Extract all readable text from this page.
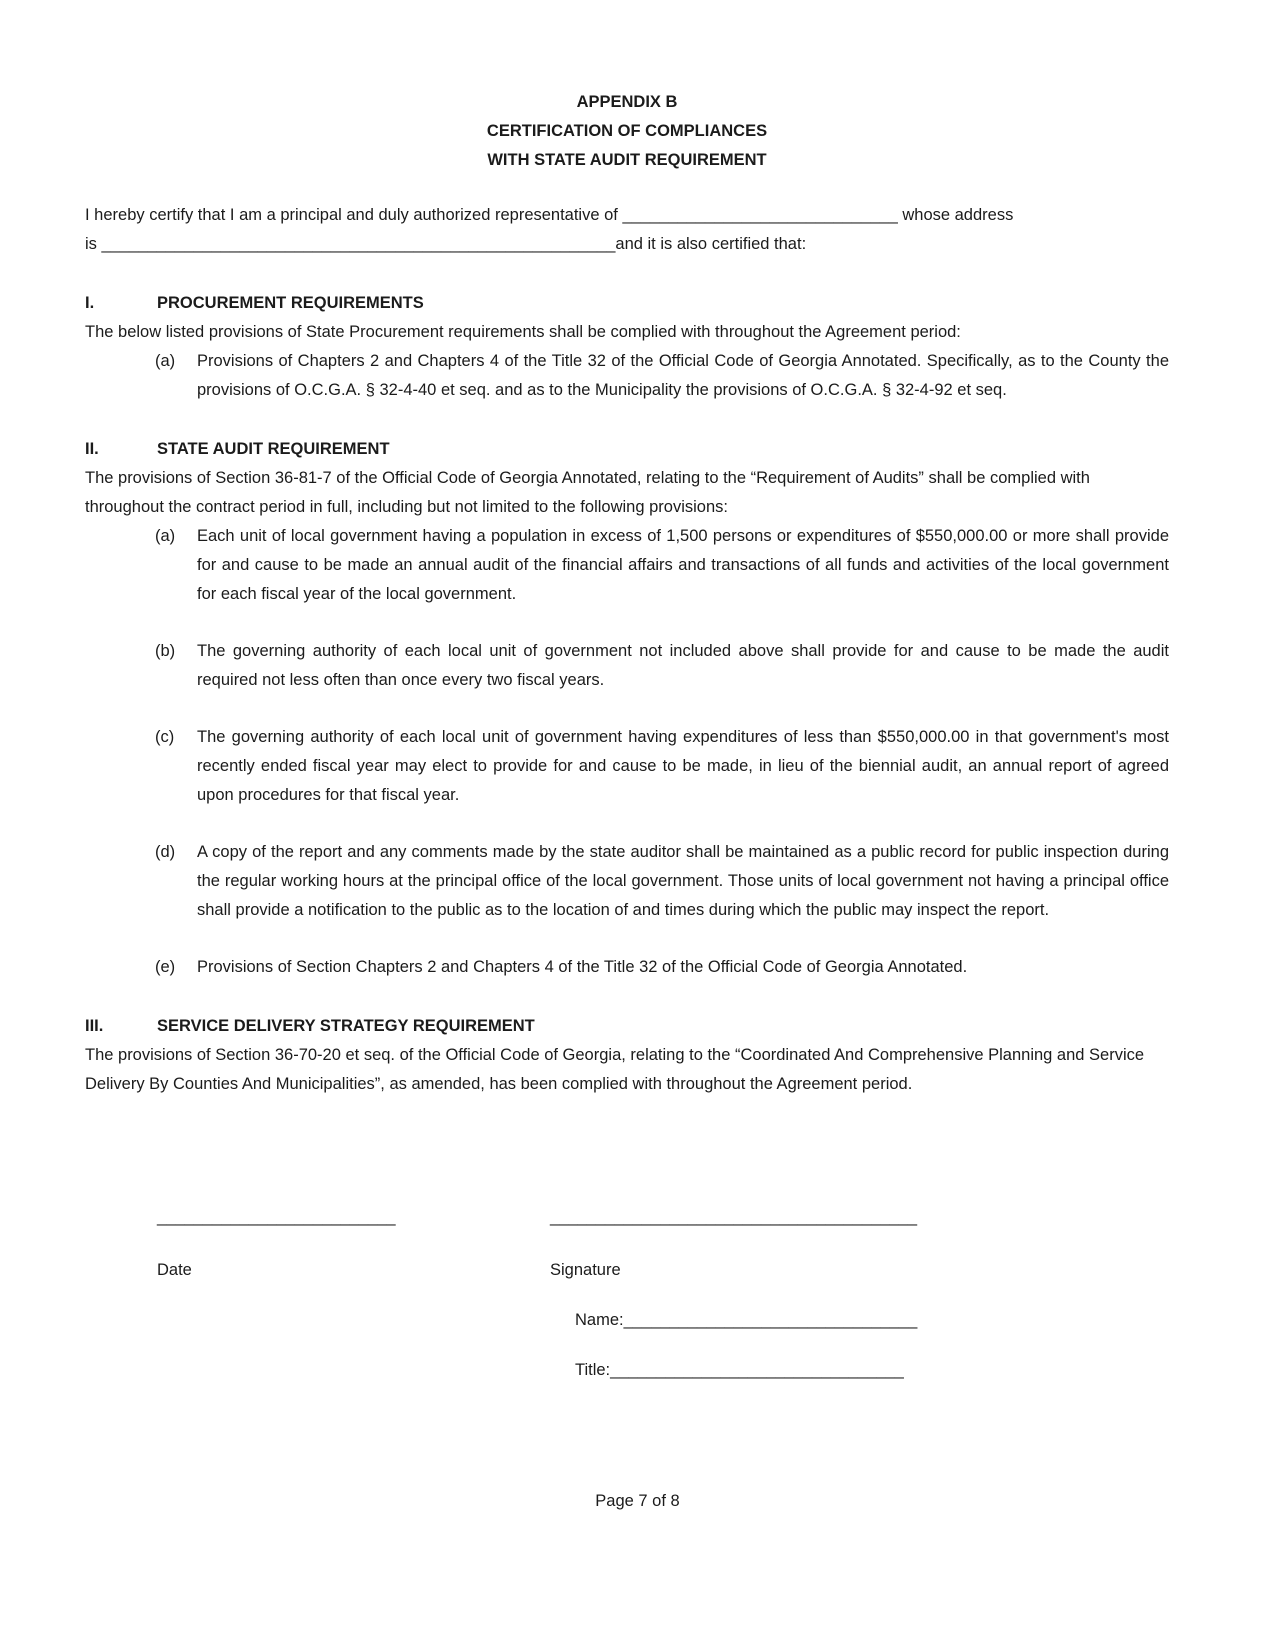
APPENDIX B
CERTIFICATION OF COMPLIANCES
WITH STATE AUDIT REQUIREMENT

I hereby certify that I am a principal and duly authorized representative of ______________________________ whose address
is ________________________________________________________and it is also certified that:

I.	PROCUREMENT REQUIREMENTS

The below listed provisions of State Procurement requirements shall be complied with throughout the Agreement period:

(a)	Provisions of Chapters 2 and Chapters 4 of the Title 32 of the Official Code of Georgia Annotated. Specifically, as to the County the provisions of O.C.G.A. § 32-4-40 et seq. and as to the Municipality the provisions of O.C.G.A. § 32-4-92 et seq.
II.	STATE AUDIT REQUIREMENT

The provisions of Section 36-81-7 of the Official Code of Georgia Annotated, relating to the “Requirement of Audits” shall be complied with throughout the contract period in full, including but not limited to the following provisions:

(a)	Each unit of local government having a population in excess of 1,500 persons or expenditures of $550,000.00 or more shall provide for and cause to be made an annual audit of the financial affairs and transactions of all funds and activities of the local government for each fiscal year of the local government.
(b)	The governing authority of each local unit of government not included above shall provide for and cause to be made the audit required not less often than once every two fiscal years.
(c)	The governing authority of each local unit of government having expenditures of less than $550,000.00 in that government's most recently ended fiscal year may elect to provide for and cause to be made, in lieu of the biennial audit, an annual report of agreed upon procedures for that fiscal year.
(d)	A copy of the report and any comments made by the state auditor shall be maintained as a public record for public inspection during the regular working hours at the principal office of the local government. Those units of local government not having a principal office shall provide a notification to the public as to the location of and times during which the public may inspect the report.
(e)	Provisions of Section Chapters 2 and Chapters 4 of the Title 32 of the Official Code of Georgia Annotated.
III.	SERVICE DELIVERY STRATEGY REQUIREMENT

The provisions of Section 36-70-20 et seq. of the Official Code of Georgia, relating to the “Coordinated And Comprehensive Planning and Service Delivery By Counties And Municipalities”, as amended, has been complied with throughout the Agreement period.

__________________________	________________________________________
Date	Signature
Name:________________________________
Title:________________________________
Page 7 of 8
